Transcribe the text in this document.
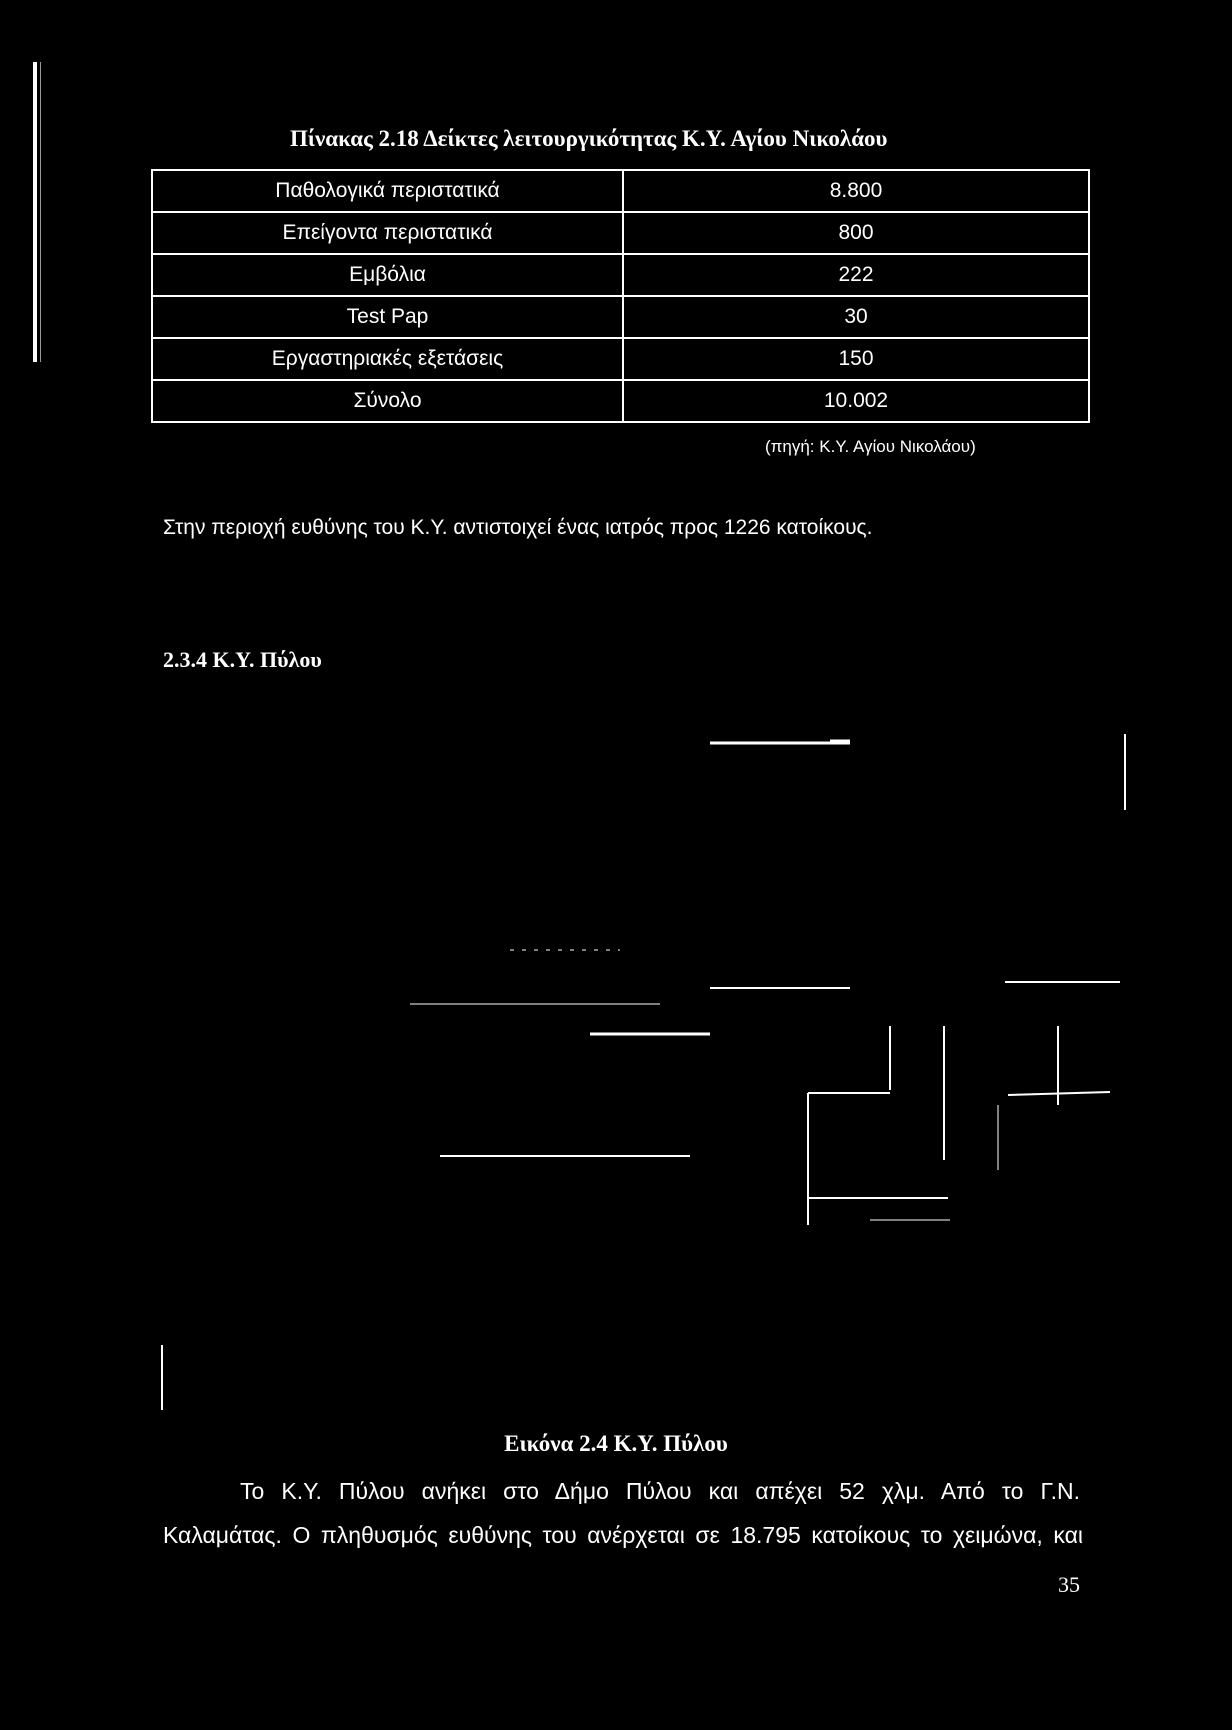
Πίνακας 2.18 Δείκτες λειτουργικότητας Κ.Υ. Αγίου Νικολάου
Παθολογικά περιστατικά	8.800
Επείγοντα περιστατικά	800
Εμβόλια	222
Test Pap	30
Εργαστηριακές εξετάσεις	150
Σύνολο	10.002
(πηγή: Κ.Υ. Αγίου Νικολάου)
Στην περιοχή ευθύνης του Κ.Υ. αντιστοιχεί ένας ιατρός προς 1226 κατοίκους.
2.3.4 Κ.Υ. Πύλου
Εικόνα 2.4 Κ.Υ. Πύλου
Το Κ.Υ. Πύλου ανήκει στο Δήμο Πύλου και απέχει 52 χλμ. Από το Γ.Ν.
Καλαμάτας. Ο πληθυσμός ευθύνης του ανέρχεται σε 18.795 κατοίκους το χειμώνα, και
35
